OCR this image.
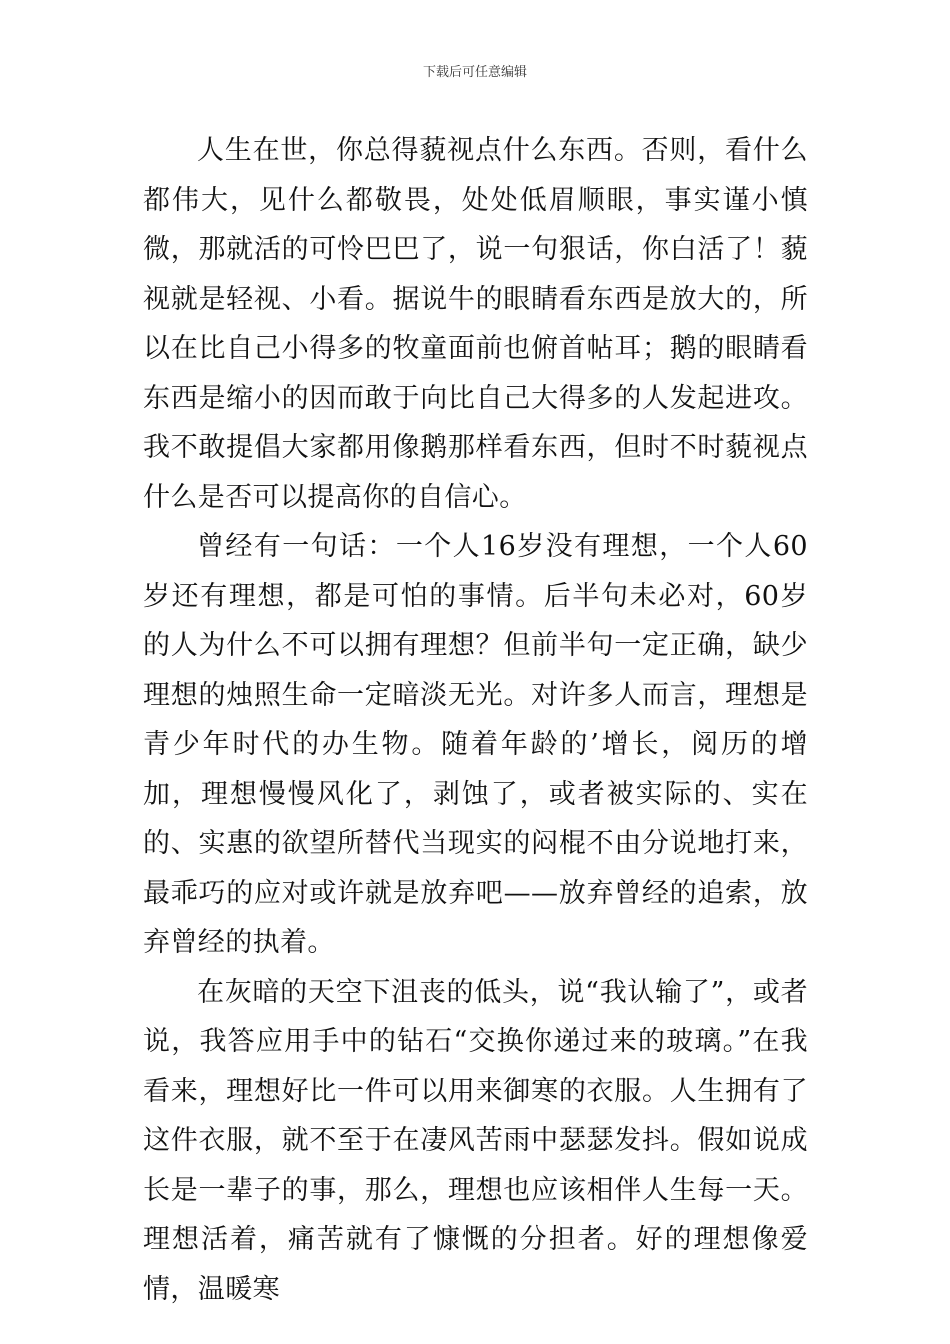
下载后可任意编辑

人生在世，你总得藐视点什么东西。否则，看什么都伟大，见什么都敬畏，处处低眉顺眼，事实谨小慎微，那就活的可怜巴巴了，说一句狠话，你白活了！藐视就是轻视、小看。据说牛的眼睛看东西是放大的，所以在比自己小得多的牧童面前也俯首帖耳；鹅的眼睛看东西是缩小的因而敢于向比自己大得多的人发起进攻。我不敢提倡大家都用像鹅那样看东西，但时不时藐视点什么是否可以提高你的自信心。

曾经有一句话：一个人16岁没有理想，一个人60岁还有理想，都是可怕的事情。后半句未必对，60岁的人为什么不可以拥有理想？但前半句一定正确，缺少理想的烛照生命一定暗淡无光。对许多人而言，理想是青少年时代的办生物。随着年龄的’增长，阅历的增加，理想慢慢风化了，剥蚀了，或者被实际的、实在的、实惠的欲望所替代当现实的闷棍不由分说地打来，最乖巧的应对或许就是放弃吧——放弃曾经的追索，放弃曾经的执着。

在灰暗的天空下沮丧的低头，说“我认输了”，或者说，我答应用手中的钻石“交换你递过来的玻璃。”在我看来，理想好比一件可以用来御寒的衣服。人生拥有了这件衣服，就不至于在凄风苦雨中瑟瑟发抖。假如说成长是一辈子的事，那么，理想也应该相伴人生每一天。理想活着，痛苦就有了慷慨的分担者。好的理想像爱情，温暖寒
